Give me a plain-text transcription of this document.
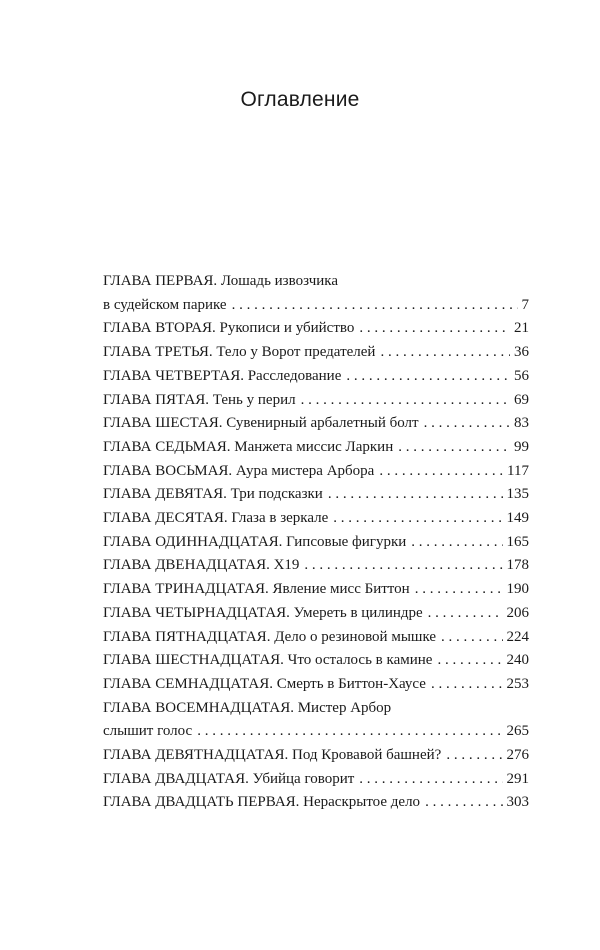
Оглавление
ГЛАВА ПЕРВАЯ. Лошадь извозчика
в судейском парике . . .	7
ГЛАВА ВТОРАЯ. Рукописи и убийство . . .	21
ГЛАВА ТРЕТЬЯ. Тело у Ворот предателей . . .	36
ГЛАВА ЧЕТВЕРТАЯ. Расследование . . .	56
ГЛАВА ПЯТАЯ. Тень у перил . . .	69
ГЛАВА ШЕСТАЯ. Сувенирный арбалетный болт . . .	83
ГЛАВА СЕДЬМАЯ. Манжета миссис Ларкин . . .	99
ГЛАВА ВОСЬМАЯ. Аура мистера Арбора . . .	117
ГЛАВА ДЕВЯТАЯ. Три подсказки . . .	135
ГЛАВА ДЕСЯТАЯ. Глаза в зеркале . . .	149
ГЛАВА ОДИННАДЦАТАЯ. Гипсовые фигурки . . .	165
ГЛАВА ДВЕНАДЦАТАЯ. Х19 . . .	178
ГЛАВА ТРИНАДЦАТАЯ. Явление мисс Биттон . . .	190
ГЛАВА ЧЕТЫРНАДЦАТАЯ. Умереть в цилиндре . . .	206
ГЛАВА ПЯТНАДЦАТАЯ. Дело о резиновой мышке . . .	224
ГЛАВА ШЕСТНАДЦАТАЯ. Что осталось в камине . . .	240
ГЛАВА СЕМНАДЦАТАЯ. Смерть в Биттон-Хаусе . . .	253
ГЛАВА ВОСЕМНАДЦАТАЯ. Мистер Арбор
слышит голос . . .	265
ГЛАВА ДЕВЯТНАДЦАТАЯ. Под Кровавой башней? . . .	276
ГЛАВА ДВАДЦАТАЯ. Убийца говорит . . .	291
ГЛАВА ДВАДЦАТЬ ПЕРВАЯ. Нераскрытое дело . . .	303
